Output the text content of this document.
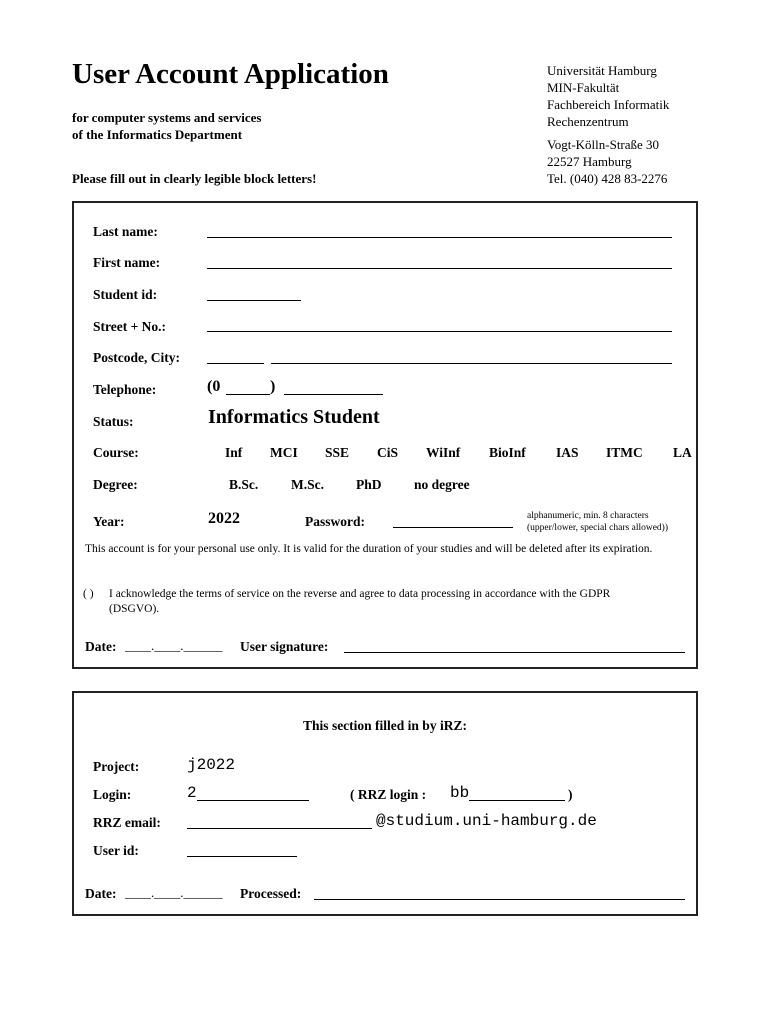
User Account Application
for computer systems and services
of the Informatics Department
Please fill out in clearly legible block letters!
Universität Hamburg
MIN-Fakultät
Fachbereich Informatik
Rechenzentrum
Vogt-Kölln-Straße 30
22527 Hamburg
Tel. (040) 428 83-2276
Last name:
First name:
Student id:
Street + No.:
Postcode, City:
Telephone:	(0	)
Status:	Informatics Student
Course:	Inf MCI SSE CiS WiInf BioInf IAS ITMC LA
Degree:	B.Sc. M.Sc. PhD no degree
Year:	2022	Password:	alphanumeric, min. 8 characters
(upper/lower, special chars allowed))
This account is for your personal use only. It is valid for the duration of your studies and will be deleted after its expiration.
( ) I acknowledge the terms of service on the reverse and agree to data processing in accordance with the GDPR
(DSGVO).
Date: ____.____.______ User signature:
This section filled in by iRZ:
Project:	j2022
Login:	2	( RRZ login : bb	)
RRZ email:	@studium.uni-hamburg.de
User id:
Date: ____.____.______ Processed:
